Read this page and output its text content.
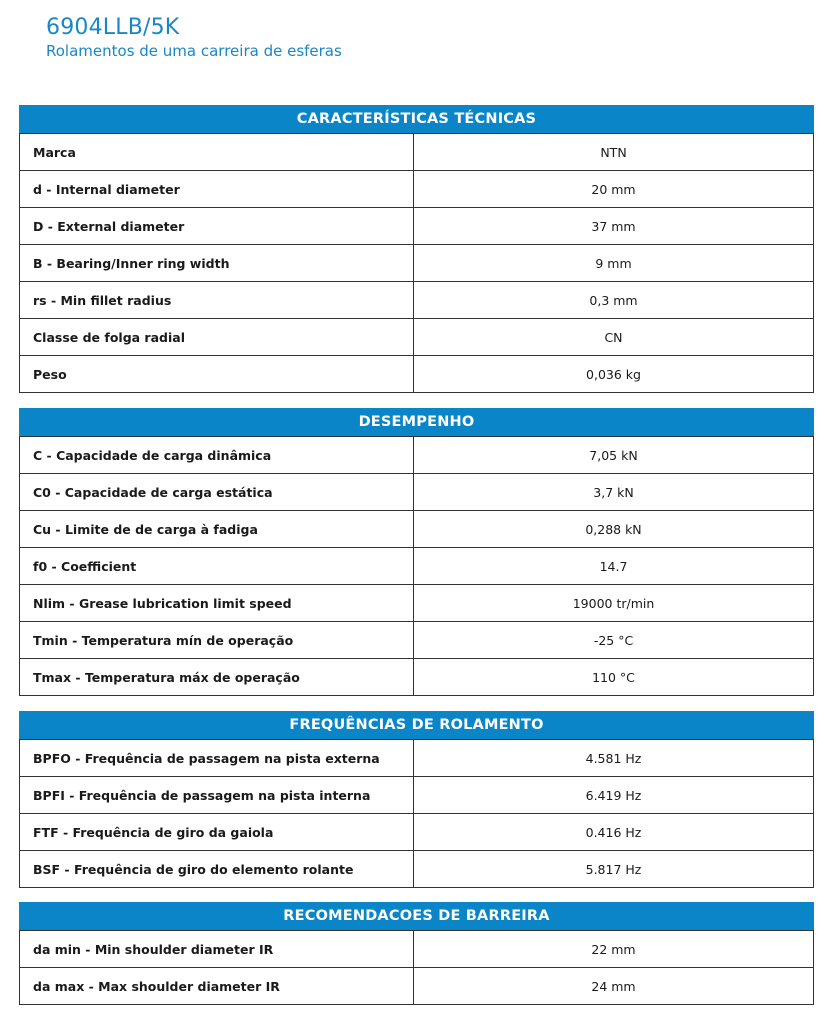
6904LLB/5K
Rolamentos de uma carreira de esferas
CARACTERÍSTICAS TÉCNICAS
Marca	NTN
d - Internal diameter	20 mm
D - External diameter	37 mm
B - Bearing/Inner ring width	9 mm
rs - Min fillet radius	0,3 mm
Classe de folga radial	CN
Peso	0,036 kg
DESEMPENHO
C - Capacidade de carga dinâmica	7,05 kN
C0 - Capacidade de carga estática	3,7 kN
Cu - Limite de de carga à fadiga	0,288 kN
f0 - Coefficient	14.7
Nlim - Grease lubrication limit speed	19000 tr/min
Tmin - Temperatura mín de operação	-25 °C
Tmax - Temperatura máx de operação	110 °C
FREQUÊNCIAS DE ROLAMENTO
BPFO - Frequência de passagem na pista externa	4.581 Hz
BPFI - Frequência de passagem na pista interna	6.419 Hz
FTF - Frequência de giro da gaiola	0.416 Hz
BSF - Frequência de giro do elemento rolante	5.817 Hz
RECOMENDACOES DE BARREIRA
da min - Min shoulder diameter IR	22 mm
da max - Max shoulder diameter IR	24 mm
